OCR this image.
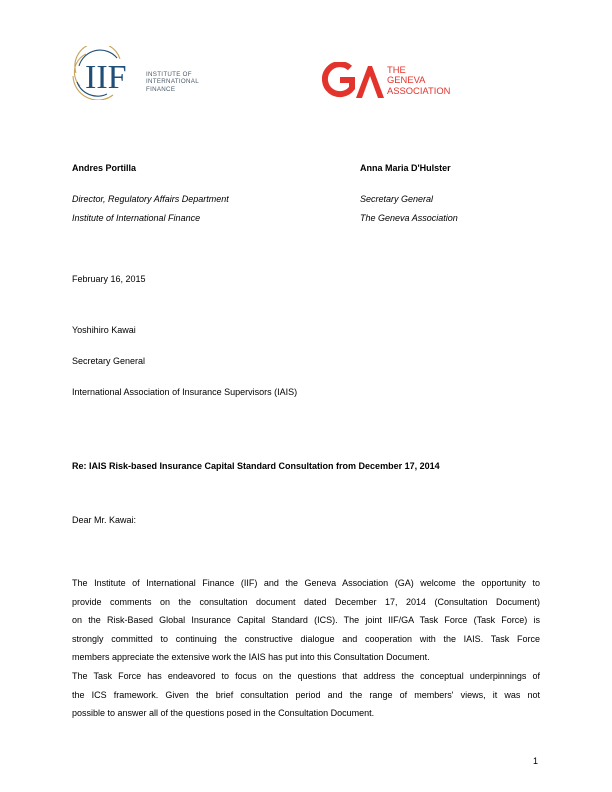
IIF	INSTITUTE OF
INTERNATIONAL
FINANCE
THE
GENEVA
ASSOCIATION
Andres Portilla	Anna Maria D'Hulster
Director, Regulatory Affairs Department	Secretary General
Institute of International Finance	The Geneva Association
February 16, 2015
Yoshihiro Kawai
Secretary General
International Association of Insurance Supervisors (IAIS)
Re: IAIS Risk-based Insurance Capital Standard Consultation from December 17, 2014
Dear Mr. Kawai:
The Institute of International Finance (IIF) and the Geneva Association (GA) welcome the opportunity to
provide comments on the consultation document dated December 17, 2014 (Consultation Document)
on the Risk-Based Global Insurance Capital Standard (ICS). The joint IIF/GA Task Force (Task Force) is
strongly committed to continuing the constructive dialogue and cooperation with the IAIS. Task Force
members appreciate the extensive work the IAIS has put into this Consultation Document.
The Task Force has endeavored to focus on the questions that address the conceptual underpinnings of
the ICS framework. Given the brief consultation period and the range of members' views, it was not
possible to answer all of the questions posed in the Consultation Document.
1
